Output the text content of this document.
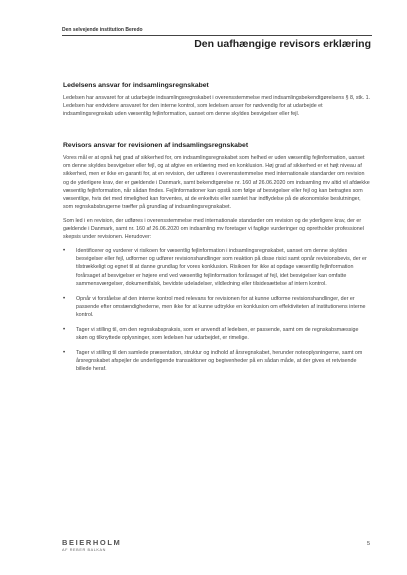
Den selvejende institution Beredo
Den uafhængige revisors erklæring
Ledelsens ansvar for indsamlingsregnskabet

Ledelsen har ansvaret for at udarbejde indsamlingsregnskabet i overensstemmelse med indsamlingsbekendtgørelsens § 8, stk. 1. Ledelsen har endvidere ansvaret for den interne kontrol, som ledelsen anser for nødvendig for at udarbejde et indsamlingsregnskab uden væsentlig fejlinformation, uanset om denne skyldes besvigelser eller fejl.

Revisors ansvar for revisionen af indsamlingsregnskabet

Vores mål er at opnå høj grad af sikkerhed for, om indsamlingsregnskabet som helhed er uden væsentlig fejlinformation, uanset om denne skyldes besvigelser eller fejl, og at afgive en erklæring med en konklusion. Høj grad af sikkerhed er et højt niveau af sikkerhed, men er ikke en garanti for, at en revision, der udføres i overensstemmelse med internationale standarder om revision og de yderligere krav, der er gældende i Danmark, samt bekendtgørelse nr. 160 af 26.06.2020 om indsamling mv altid vil afdække væsentlig fejlinformation, når sådan findes. Fejlinformationer kan opstå som følge af besvigelser eller fejl og kan betragtes som væsentlige, hvis det med rimelighed kan forventes, at de enkeltvis eller samlet har indflydelse på de økonomiske beslutninger, som regnskabsbrugerne træffer på grundlag af indsamlingsregnskabet.

Som led i en revision, der udføres i overensstemmelse med internationale standarder om revision og de yderligere krav, der er gældende i Danmark, samt nr. 160 af 26.06.2020 om indsamling mv foretager vi faglige vurderinger og opretholder professionel skepsis under revisionen. Herudover:

• Identificerer og vurderer vi risikoen for væsentlig fejlinformation i indsamlingsregnskabet, uanset om denne skyldes besvigelser eller fejl, udformer og udfører revisionshandlinger som reaktion på disse risici samt opnår revisionsbevis, der er tilstrækkeligt og egnet til at danne grundlag for vores konklusion. Risikoen for ikke at opdage væsentlig fejlinformation forårsaget af besvigelser er højere end ved væsentlig fejlinformation forårsaget af fejl, idet besvigelser kan omfatte sammensværgelser, dokumentfalsk, bevidste udeladelser, vildledning eller tilsidesættelse af intern kontrol.
• Opnår vi forståelse af den interne kontrol med relevans for revisionen for at kunne udforme revisionshandlinger, der er passende efter omstændighederne, men ikke for at kunne udtrykke en konklusion om effektiviteten af institutionens interne kontrol.
• Tager vi stilling til, om den regnskabspraksis, som er anvendt af ledelsen, er passende, samt om de regnskabsmæssige skøn og tilknyttede oplysninger, som ledelsen har udarbejdet, er rimelige.
• Tager vi stilling til den samlede præsentation, struktur og indhold af årsregnskabet, herunder noteoplysningerne, samt om årsregnskabet afspejler de underliggende transaktioner og begivenheder på en sådan måde, at der gives et retvisende billede heraf.
BEIERHOLM
AF REBER BALKAN
5
